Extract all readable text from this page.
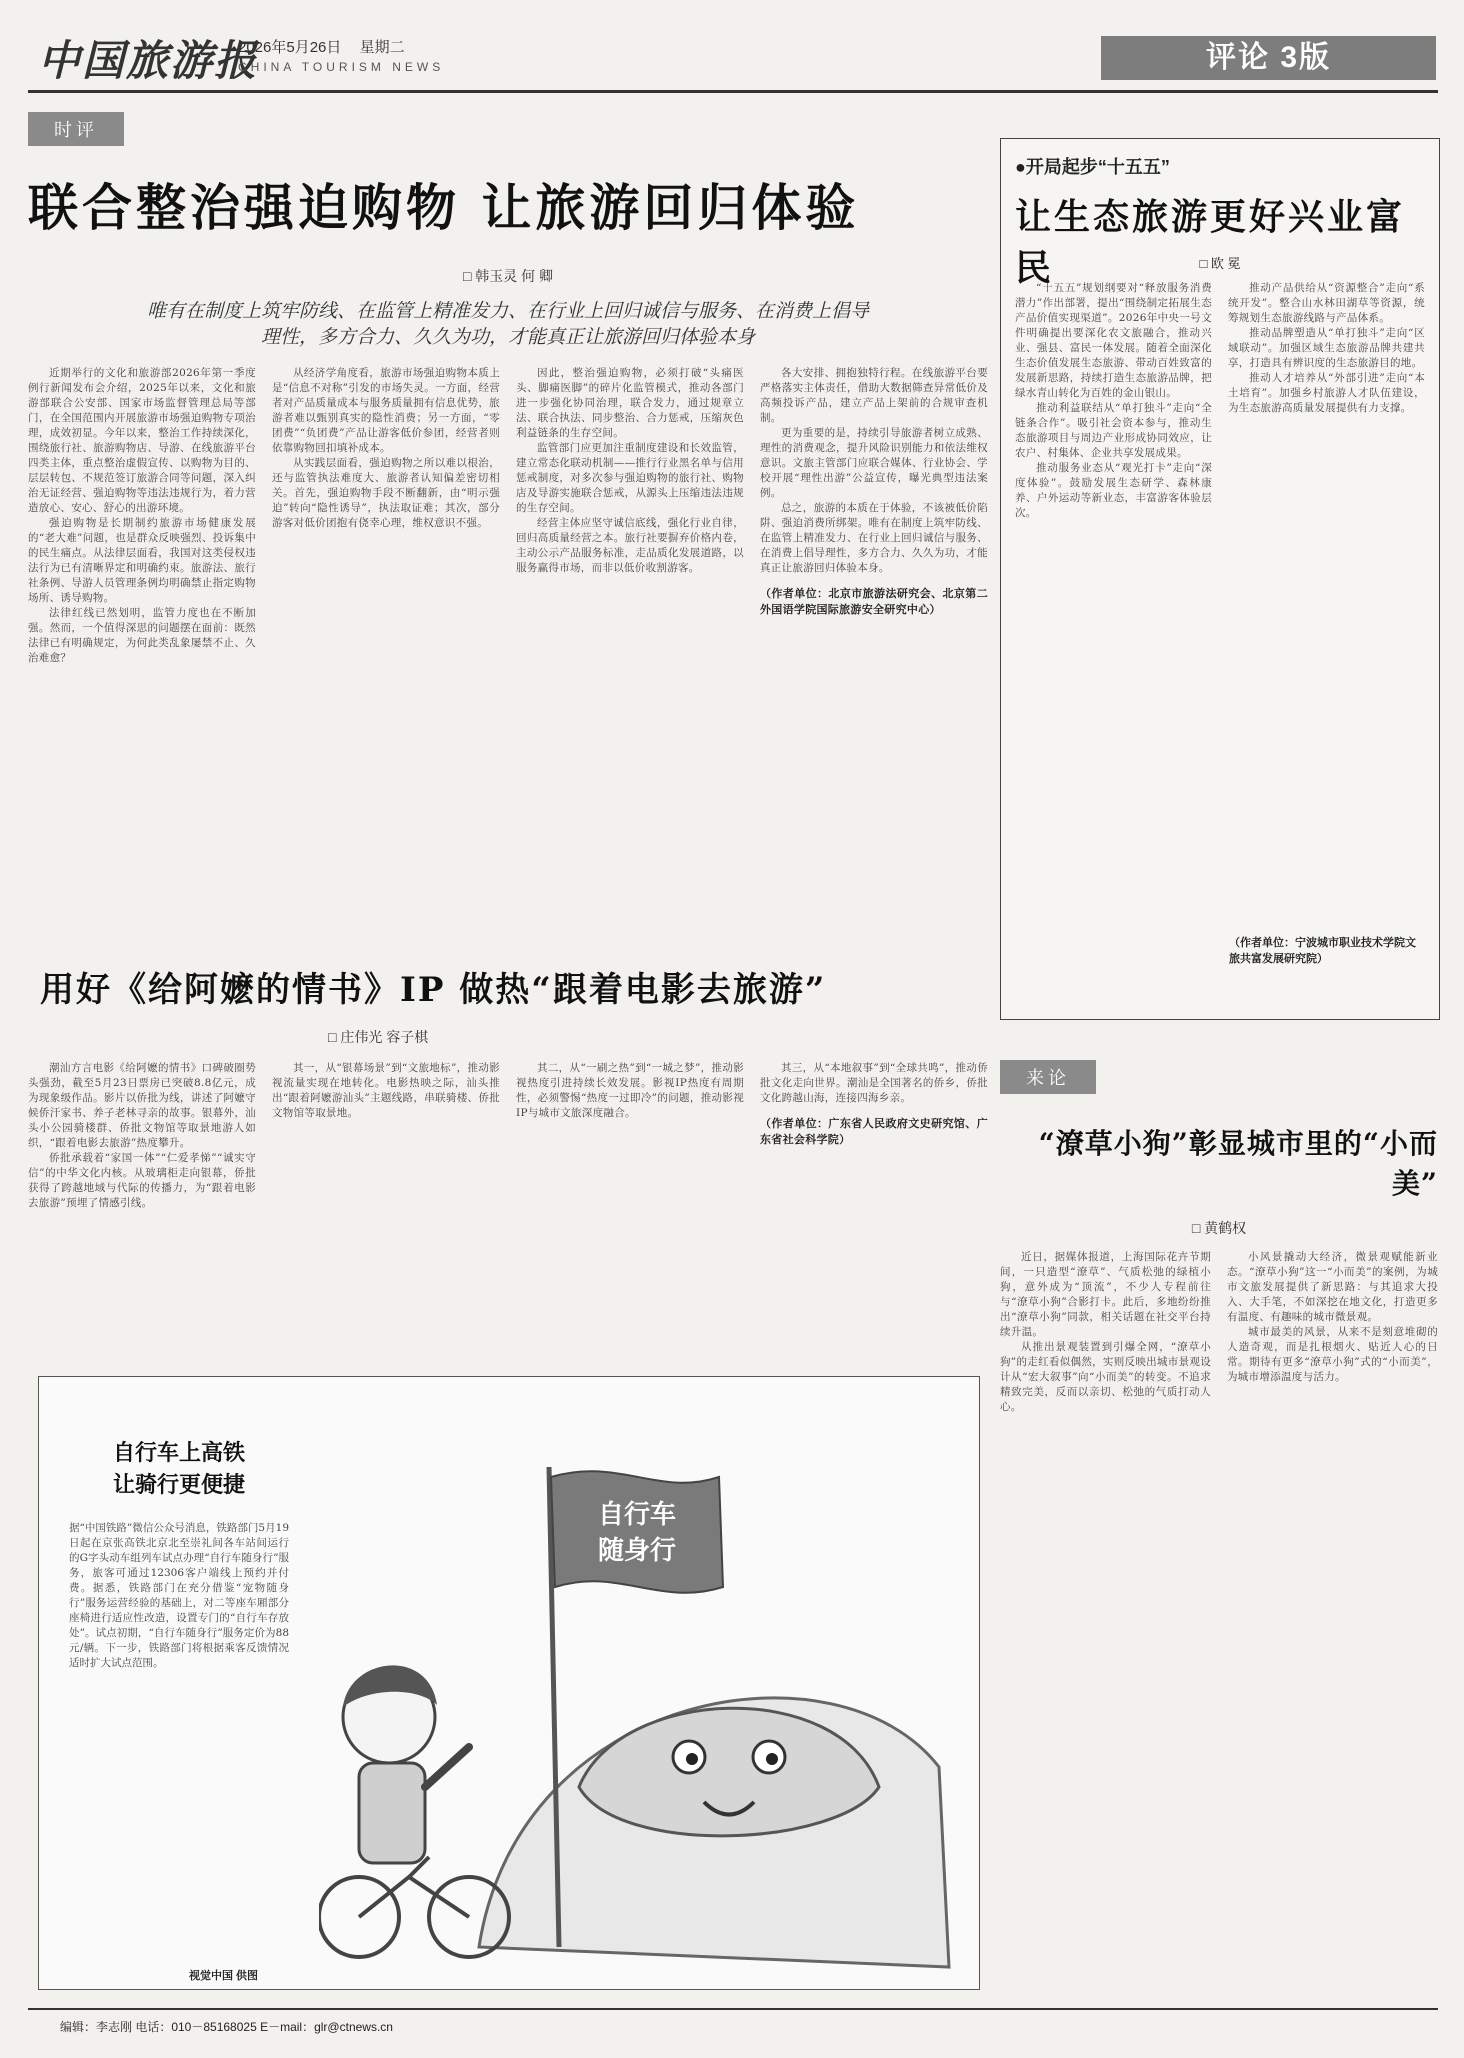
中国旅游报
2026年5月26日 星期二
CHINA TOURISM NEWS	评论 3版
时评
联合整治强迫购物 让旅游回归体验
□ 韩玉灵 何 卿
唯有在制度上筑牢防线、在监管上精准发力、在行业上回归诚信与服务、在消费上倡导
理性，多方合力、久久为功，才能真正让旅游回归体验本身

近期举行的文化和旅游部2026年第一季度例行新闻发布会介绍，2025年以来，文化和旅游部联合公安部、国家市场监督管理总局等部门，在全国范围内开展旅游市场强迫购物专项治理，成效初显。今年以来，整治工作持续深化，围绕旅行社、旅游购物店、导游、在线旅游平台四类主体，重点整治虚假宣传、以购物为目的、层层转包、不规范签订旅游合同等问题，深入纠治无证经营、强迫购物等违法违规行为，着力营造放心、安心、舒心的出游环境。

强迫购物是长期制约旅游市场健康发展的“老大难”问题，也是群众反映强烈、投诉集中的民生痛点。从法律层面看，我国对这类侵权违法行为已有清晰界定和明确约束。旅游法、旅行社条例、导游人员管理条例均明确禁止指定购物场所、诱导购物。

法律红线已然划明，监管力度也在不断加强。然而，一个值得深思的问题摆在面前：既然法律已有明确规定，为何此类乱象屡禁不止、久治难愈？

从经济学角度看，旅游市场强迫购物本质上是“信息不对称”引发的市场失灵。一方面，经营者对产品质量成本与服务质量拥有信息优势，旅游者难以甄别真实的隐性消费；另一方面，“零团费”“负团费”产品让游客低价参团，经营者则依靠购物回扣填补成本。

从实践层面看，强迫购物之所以难以根治，还与监管执法难度大、旅游者认知偏差密切相关。首先，强迫购物手段不断翻新，由“明示强迫”转向“隐性诱导”，执法取证难；其次，部分游客对低价团抱有侥幸心理，维权意识不强。

因此，整治强迫购物，必须打破“头痛医头、脚痛医脚”的碎片化监管模式，推动各部门进一步强化协同治理，联合发力，通过规章立法、联合执法、同步整治、合力惩戒，压缩灰色利益链条的生存空间。

监管部门应更加注重制度建设和长效监管，建立常态化联动机制——推行行业黑名单与信用惩戒制度，对多次参与强迫购物的旅行社、购物店及导游实施联合惩戒，从源头上压缩违法违规的生存空间。

经营主体应坚守诚信底线，强化行业自律，回归高质量经营之本。旅行社要摒弃价格内卷，主动公示产品服务标准，走品质化发展道路，以服务赢得市场，而非以低价收割游客。

各大安排、拥抱独特行程。在线旅游平台要严格落实主体责任，借助大数据筛查异常低价及高频投诉产品，建立产品上架前的合规审查机制。

更为重要的是，持续引导旅游者树立成熟、理性的消费观念，提升风险识别能力和依法维权意识。文旅主管部门应联合媒体、行业协会、学校开展“理性出游”公益宣传，曝光典型违法案例。

总之，旅游的本质在于体验，不该被低价陷阱、强迫消费所绑架。唯有在制度上筑牢防线、在监管上精准发力、在行业上回归诚信与服务、在消费上倡导理性，多方合力、久久为功，才能真正让旅游回归体验本身。

（作者单位：北京市旅游法研究会、北京第二外国语学院国际旅游安全研究中心）
用好《给阿嬷的情书》IP 做热“跟着电影去旅游”
□ 庄伟光 容子棋

潮汕方言电影《给阿嬷的情书》口碑破圈势头强劲，截至5月23日票房已突破8.8亿元，成为现象级作品。影片以侨批为线，讲述了阿嬷守候侨汗家书、养子老林寻亲的故事。银幕外，汕头小公园骑楼群、侨批文物馆等取景地游人如织，“跟着电影去旅游”热度攀升。

侨批承载着“家国一体”“仁爱孝悌”“诚实守信”的中华文化内核。从玻璃柜走向银幕，侨批获得了跨越地域与代际的传播力，为“跟着电影去旅游”预埋了情感引线。

其一，从“银幕场景”到“文旅地标”，推动影视流量实现在地转化。电影热映之际，汕头推出“跟着阿嬷游汕头”主题线路，串联骑楼、侨批文物馆等取景地。

其二，从“一刷之热”到“一城之梦”，推动影视热度引进持续长效发展。影视IP热度有周期性，必须警惕“热度一过即冷”的问题，推动影视IP与城市文旅深度融合。

其三，从“本地叙事”到“全球共鸣”，推动侨批文化走向世界。潮汕是全国著名的侨乡，侨批文化跨越山海，连接四海乡亲。

（作者单位：广东省人民政府文史研究馆、广东省社会科学院）
●开局起步“十五五”
让生态旅游更好兴业富民	□ 欧 冕

“十五五”规划纲要对“释放服务消费潜力”作出部署，提出“围绕制定拓展生态产品价值实现渠道”。2026年中央一号文件明确提出要深化农文旅融合，推动兴业、强县、富民一体发展。随着全面深化生态价值发展生态旅游、带动百姓致富的发展新思路，持续打造生态旅游品牌，把绿水青山转化为百姓的金山银山。

推动利益联结从“单打独斗”走向“全链条合作”。吸引社会资本参与，推动生态旅游项目与周边产业形成协同效应，让农户、村集体、企业共享发展成果。

推动服务业态从“观光打卡”走向“深度体验”。鼓励发展生态研学、森林康养、户外运动等新业态，丰富游客体验层次。

推动产品供给从“资源整合”走向“系统开发”。整合山水林田湖草等资源，统筹规划生态旅游线路与产品体系。

推动品牌塑造从“单打独斗”走向“区域联动”。加强区域生态旅游品牌共建共享，打造具有辨识度的生态旅游目的地。

推动人才培养从“外部引进”走向“本土培育”。加强乡村旅游人才队伍建设，为生态旅游高质量发展提供有力支撑。

（作者单位：宁波城市职业技术学院文旅共富发展研究院）
来论
“潦草小狗”彰显城市里的“小而美”
□ 黄鹤权

近日，据媒体报道，上海国际花卉节期间，一只造型“潦草”、气质松弛的绿植小狗，意外成为“顶流”，不少人专程前往与“潦草小狗”合影打卡。此后，多地纷纷推出“潦草小狗”同款，相关话题在社交平台持续升温。

从推出景观装置到引爆全网，“潦草小狗”的走红看似偶然，实则反映出城市景观设计从“宏大叙事”向“小而美”的转变。不追求精致完美，反而以亲切、松弛的气质打动人心。

小风景撬动大经济，微景观赋能新业态。“潦草小狗”这一“小而美”的案例，为城市文旅发展提供了新思路：与其追求大投入、大手笔，不如深挖在地文化，打造更多有温度、有趣味的城市微景观。

城市最美的风景，从来不是刻意堆砌的人造奇观，而是扎根烟火、贴近人心的日常。期待有更多“潦草小狗”式的“小而美”，为城市增添温度与活力。

自行车上高铁
让骑行更便捷
据“中国铁路”微信公众号消息，铁路部门5月19日起在京张高铁北京北至崇礼间各车站间运行的G字头动车组列车试点办理“自行车随身行”服务，旅客可通过12306客户端线上预约并付费。据悉，铁路部门在充分借鉴“宠物随身行”服务运营经验的基础上，对二等座车厢部分座椅进行适应性改造，设置专门的“自行车存放处”。试点初期，“自行车随身行”服务定价为88元/辆。下一步，铁路部门将根据乘客反馈情况适时扩大试点范围。
视觉中国 供图
自行车
随身行
编辑：李志刚 电话：010－85168025 E－mail：glr@ctnews.cn
